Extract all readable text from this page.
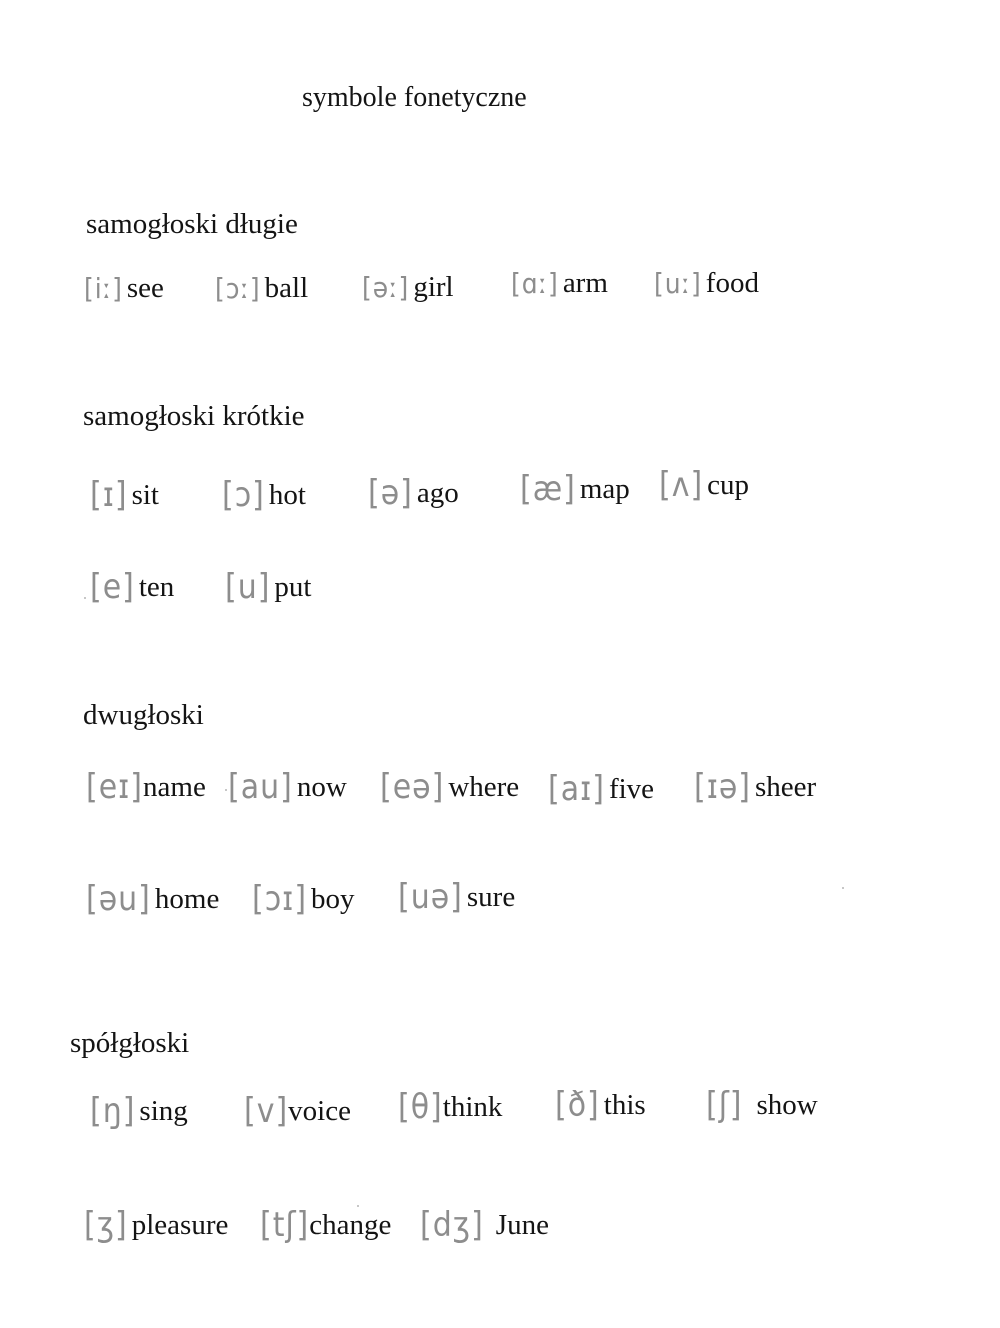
symbole fonetyczne
samogłoski długie
[iː] see [ɔː] ball [əː] girl [ɑː] arm [uː] food
samogłoski krótkie
[ɪ] sit [ɔ] hot [ə] ago [æ] map [ʌ] cup
[e] ten [u] put
dwugłoski
[eɪ] name [au] now [eə] where [aɪ] five [ɪə] sheer
[əu] home [ɔɪ] boy [uə] sure
spółgłoski
[ŋ] sing [v] voice [θ] think [ð] this [ʃ] show
[ʒ] pleasure [tʃ] change [dʒ] June
